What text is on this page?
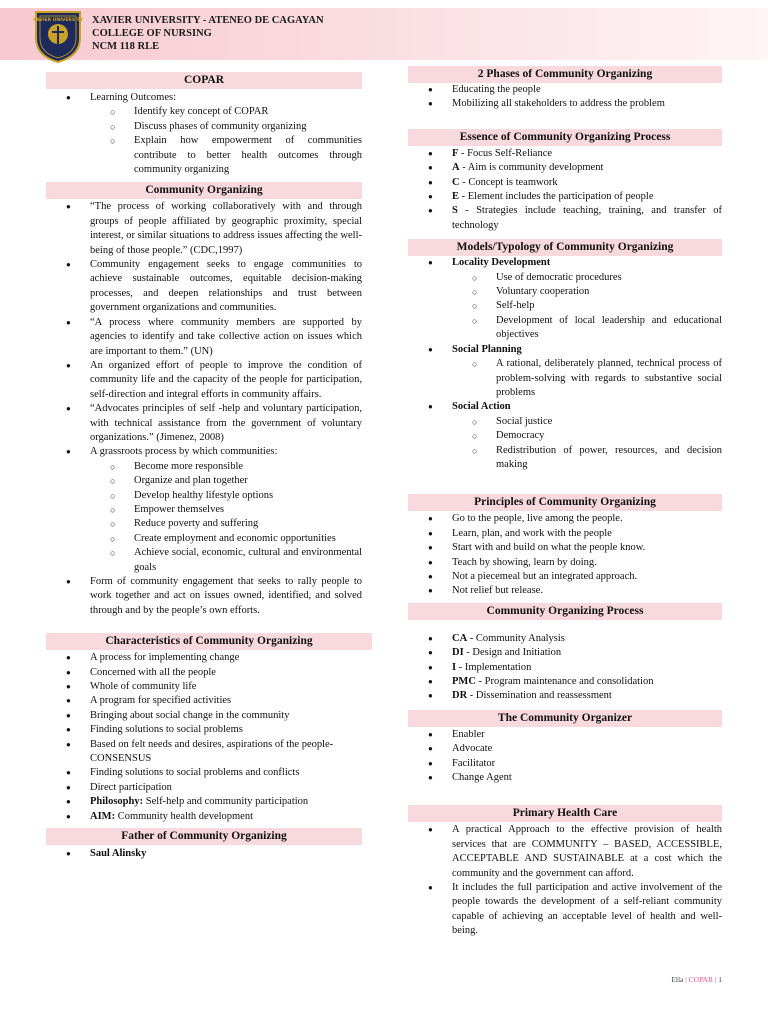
XAVIER UNIVERSITY XAVIER UNIVERSITY - ATENEO DE CAGAYAN
COLLEGE OF NURSING
NCM 118 RLE
COPAR
● Learning Outcomes:
○ Identify key concept of COPAR
○ Discuss phases of community organizing
○ Explain how empowerment of communities contribute to better health outcomes through community organizing
Community Organizing
● “The process of working collaboratively with and through groups of people affiliated by geographic proximity, special interest, or similar situations to address issues affecting the well-being of those people.” (CDC,1997)
● Community engagement seeks to engage communities to achieve sustainable outcomes, equitable decision-making processes, and deepen relationships and trust between government organizations and communities.
● “A process where community members are supported by agencies to identify and take collective action on issues which are important to them.” (UN)
● An organized effort of people to improve the condition of community life and the capacity of the people for participation, self-direction and integral efforts in community affairs.
● “Advocates principles of self -help and voluntary participation, with technical assistance from the government of voluntary organizations.” (Jimenez, 2008)
● A grassroots process by which communities:
○ Become more responsible
○ Organize and plan together
○ Develop healthy lifestyle options
○ Empower themselves
○ Reduce poverty and suffering
○ Create employment and economic opportunities
○ Achieve social, economic, cultural and environmental goals
● Form of community engagement that seeks to rally people to work together and act on issues owned, identified, and solved through and by the people’s own efforts.
Characteristics of Community Organizing
● A process for implementing change
● Concerned with all the people
● Whole of community life
● A program for specified activities
● Bringing about social change in the community
● Finding solutions to social problems
● Based on felt needs and desires, aspirations of the people- CONSENSUS
● Finding solutions to social problems and conflicts
● Direct participation
● Philosophy: Self-help and community participation
● AIM: Community health development
Father of Community Organizing
● Saul Alinsky
2 Phases of Community Organizing
● Educating the people
● Mobilizing all stakeholders to address the problem
Essence of Community Organizing Process
● F - Focus Self-Reliance
● A - Aim is community development
● C - Concept is teamwork
● E - Element includes the participation of people
● S - Strategies include teaching, training, and transfer of technology
Models/Typology of Community Organizing
● Locality Development
○ Use of democratic procedures
○ Voluntary cooperation
○ Self-help
○ Development of local leadership and educational objectives
● Social Planning
○ A rational, deliberately planned, technical process of problem-solving with regards to substantive social problems
● Social Action
○ Social justice
○ Democracy
○ Redistribution of power, resources, and decision making
Principles of Community Organizing
● Go to the people, live among the people.
● Learn, plan, and work with the people
● Start with and build on what the people know.
● Teach by showing, learn by doing.
● Not a piecemeal but an integrated approach.
● Not relief but release.
Community Organizing Process
● CA - Community Analysis
● DI - Design and Initiation
● I - Implementation
● PMC - Program maintenance and consolidation
● DR - Dissemination and reassessment
The Community Organizer
● Enabler
● Advocate
● Facilitator
● Change Agent
Primary Health Care
● A practical Approach to the effective provision of health services that are COMMUNITY – BASED, ACCESSIBLE, ACCEPTABLE AND SUSTAINABLE at a cost which the community and the government can afford.
● It includes the full participation and active involvement of the people towards the development of a self-reliant community capable of achieving an acceptable level of health and well-being.
Ella | COPAR | 1
